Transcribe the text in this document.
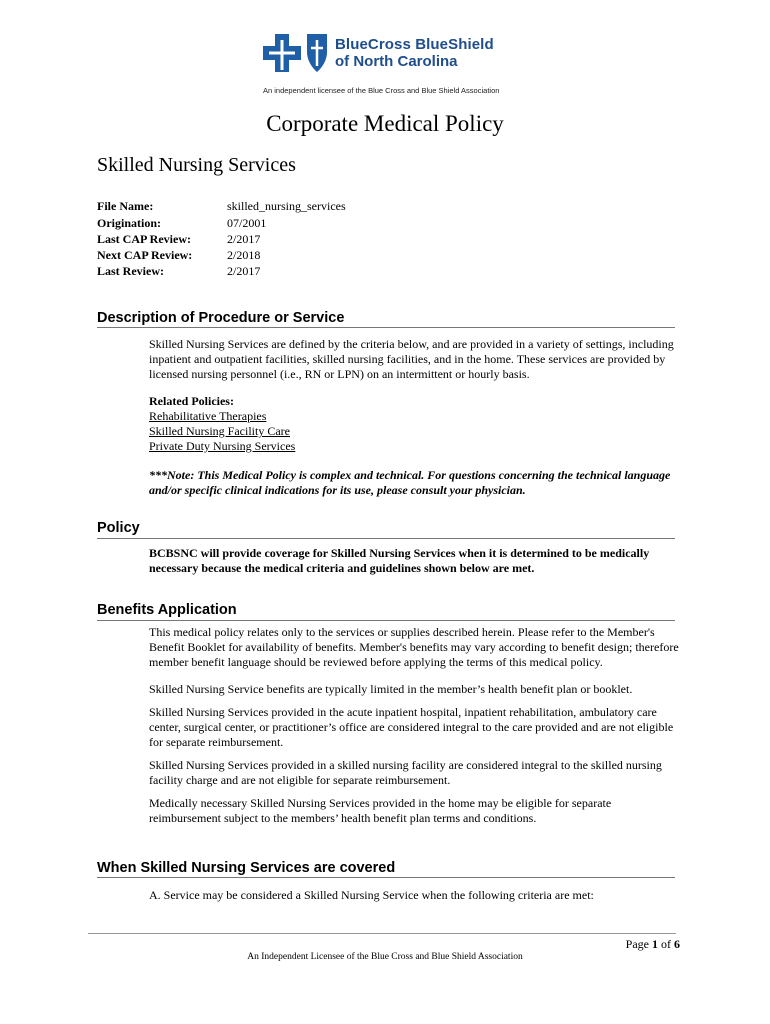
BlueCross BlueShield
of North Carolina
An independent licensee of the Blue Cross and Blue Shield Association
Corporate Medical Policy
Skilled Nursing Services
File Name:	skilled_nursing_services
Origination:	07/2001
Last CAP Review:	2/2017
Next CAP Review:	2/2018
Last Review:	2/2017
Description of Procedure or Service

Skilled Nursing Services are defined by the criteria below, and are provided in a variety of settings, including inpatient and outpatient facilities, skilled nursing facilities, and in the home. These services are provided by licensed nursing personnel (i.e., RN or LPN) on an intermittent or hourly basis.

Related Policies:

Rehabilitative Therapies

Skilled Nursing Facility Care

Private Duty Nursing Services

***Note: This Medical Policy is complex and technical. For questions concerning the technical language and/or specific clinical indications for its use, please consult your physician.

Policy
BCBSNC will provide coverage for Skilled Nursing Services when it is determined to be medically necessary because the medical criteria and guidelines shown below are met.
Benefits Application

This medical policy relates only to the services or supplies described herein. Please refer to the Member's Benefit Booklet for availability of benefits. Member's benefits may vary according to benefit design; therefore member benefit language should be reviewed before applying the terms of this medical policy.

Skilled Nursing Service benefits are typically limited in the member’s health benefit plan or booklet.

Skilled Nursing Services provided in the acute inpatient hospital, inpatient rehabilitation, ambulatory care center, surgical center, or practitioner’s office are considered integral to the care provided and are not eligible for separate reimbursement.

Skilled Nursing Services provided in a skilled nursing facility are considered integral to the skilled nursing facility charge and are not eligible for separate reimbursement.

Medically necessary Skilled Nursing Services provided in the home may be eligible for separate reimbursement subject to the members’ health benefit plan terms and conditions.

When Skilled Nursing Services are covered
A. Service may be considered a Skilled Nursing Service when the following criteria are met:
Page 1 of 6
An Independent Licensee of the Blue Cross and Blue Shield Association
